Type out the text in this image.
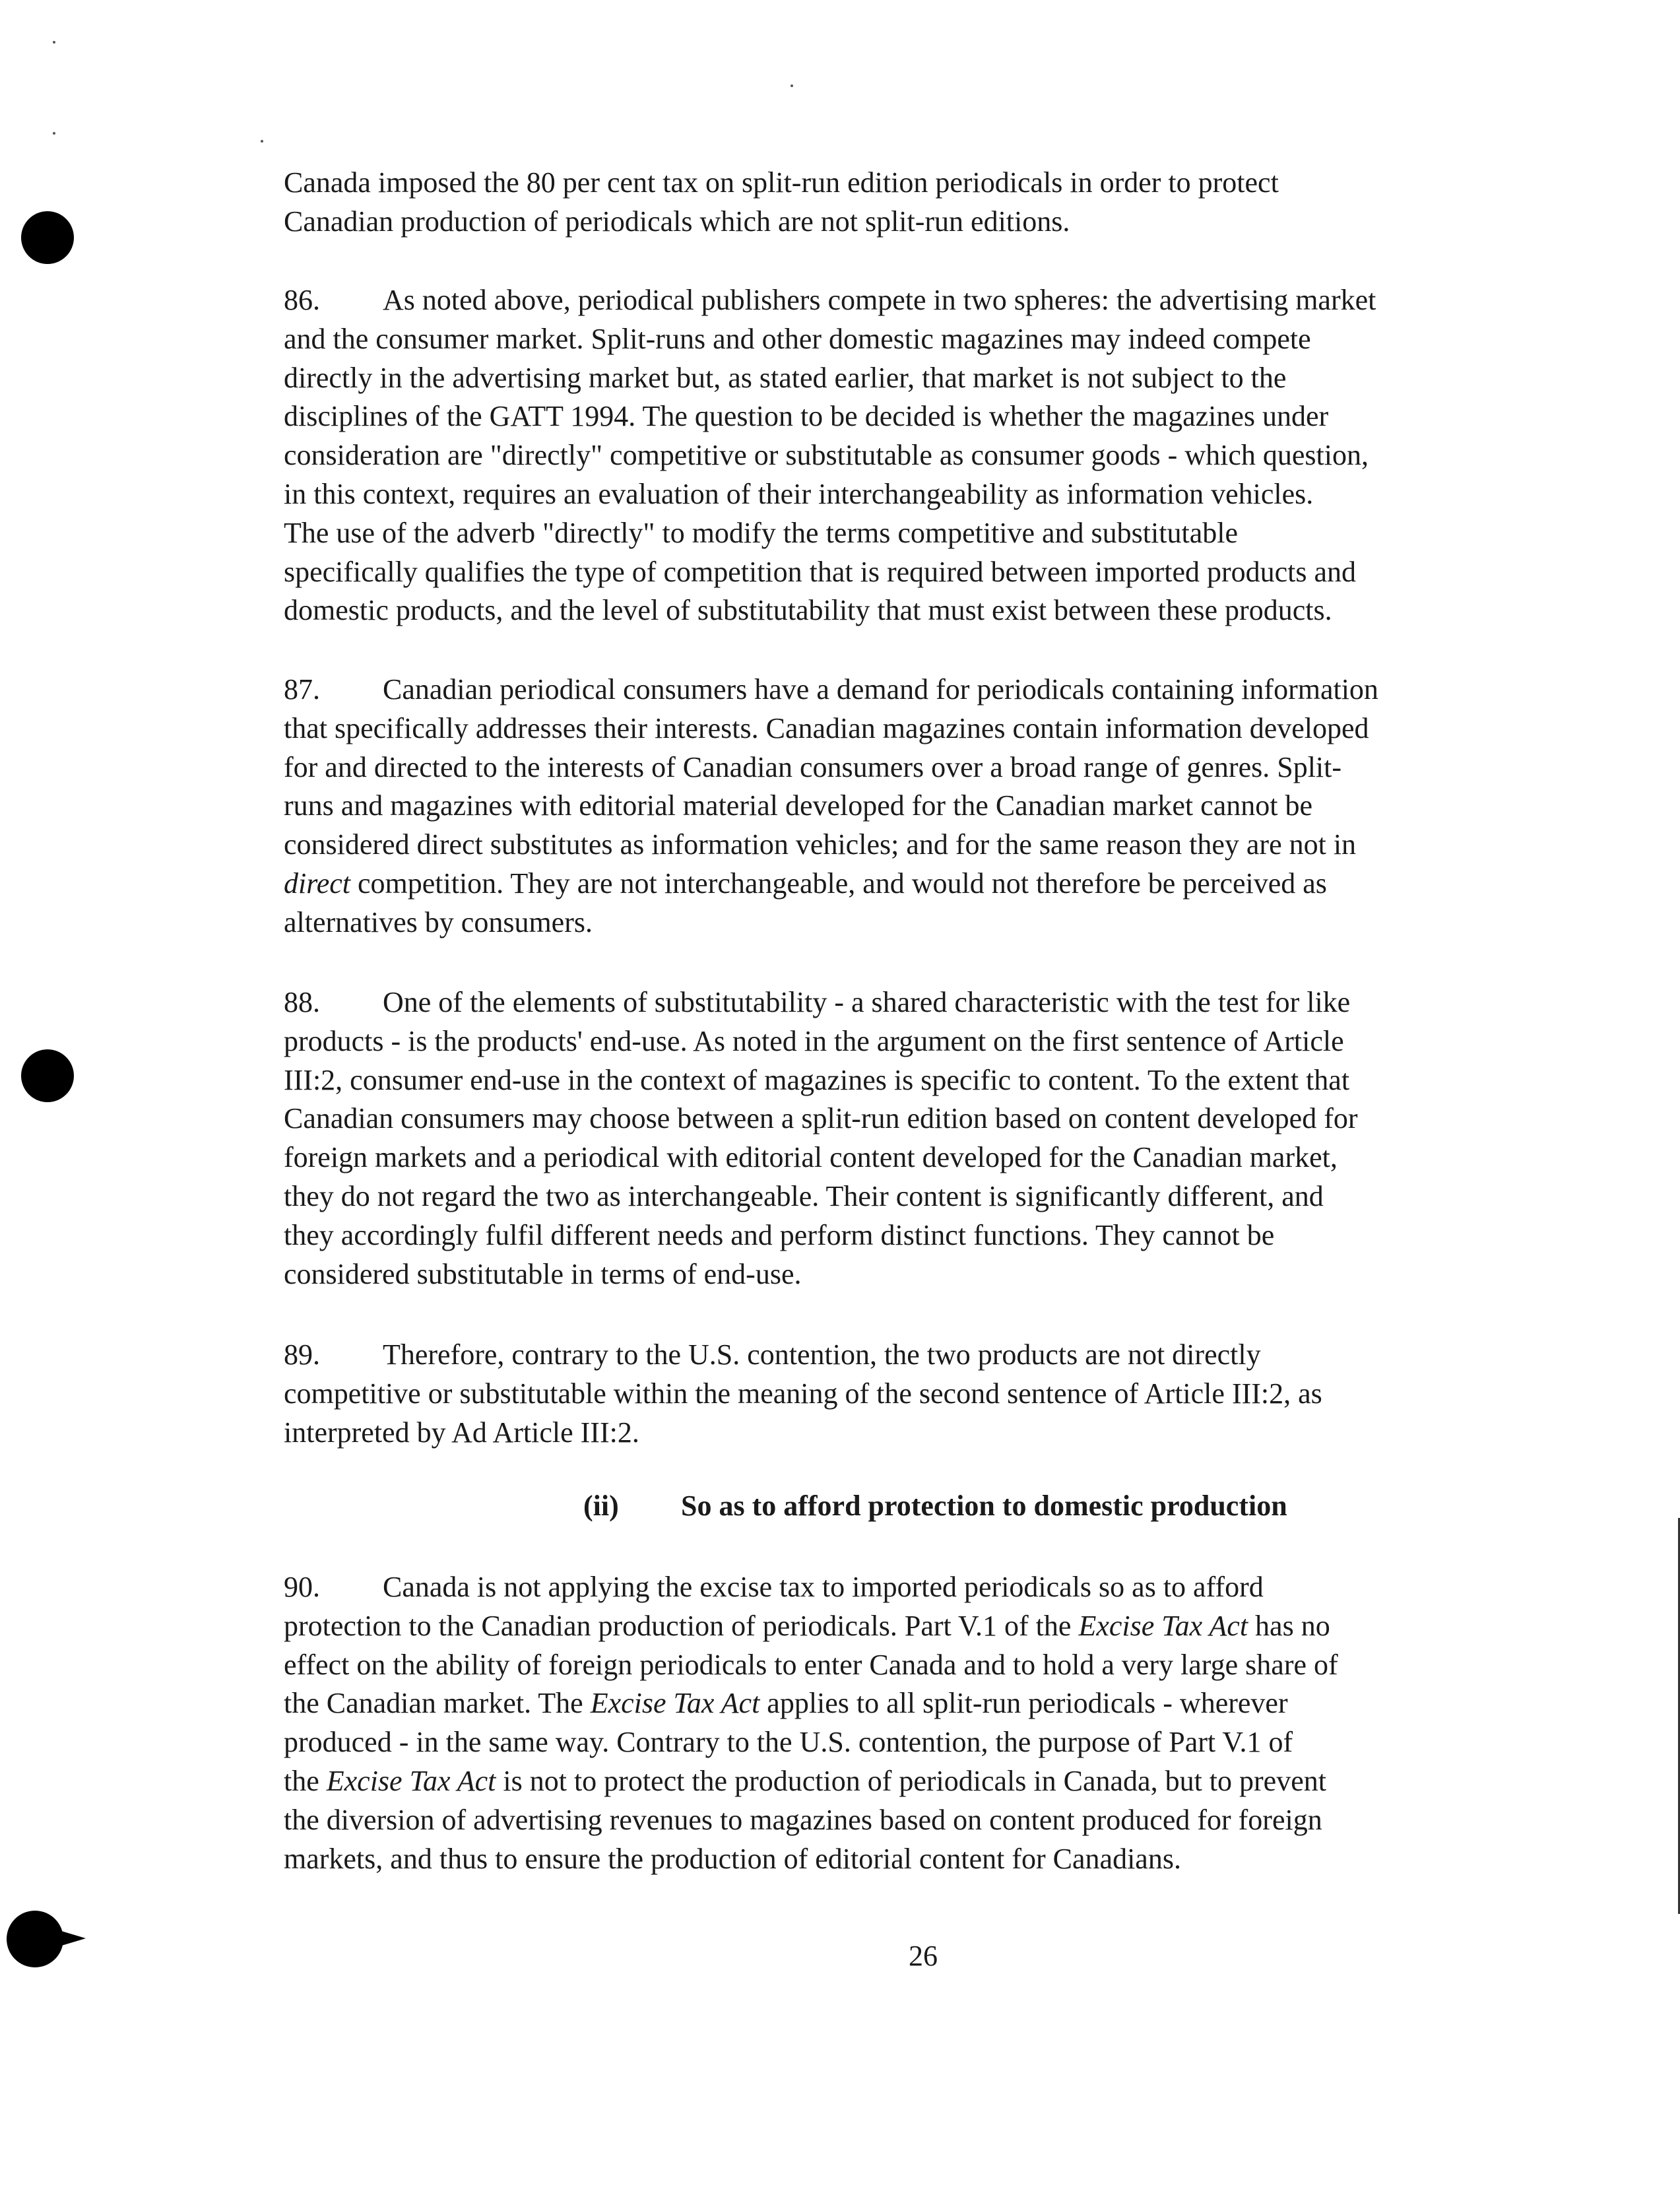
Canada imposed the 80 per cent tax on split-run edition periodicals in order to protect
Canadian production of periodicals which are not split-run editions.
86. As noted above, periodical publishers compete in two spheres: the advertising market
and the consumer market. Split-runs and other domestic magazines may indeed compete
directly in the advertising market but, as stated earlier, that market is not subject to the
disciplines of the GATT 1994. The question to be decided is whether the magazines under
consideration are "directly" competitive or substitutable as consumer goods - which question,
in this context, requires an evaluation of their interchangeability as information vehicles.
The use of the adverb "directly" to modify the terms competitive and substitutable
specifically qualifies the type of competition that is required between imported products and
domestic products, and the level of substitutability that must exist between these products.
87. Canadian periodical consumers have a demand for periodicals containing information
that specifically addresses their interests. Canadian magazines contain information developed
for and directed to the interests of Canadian consumers over a broad range of genres. Split-
runs and magazines with editorial material developed for the Canadian market cannot be
considered direct substitutes as information vehicles; and for the same reason they are not in
direct competition. They are not interchangeable, and would not therefore be perceived as
alternatives by consumers.
88. One of the elements of substitutability - a shared characteristic with the test for like
products - is the products' end-use. As noted in the argument on the first sentence of Article
III:2, consumer end-use in the context of magazines is specific to content. To the extent that
Canadian consumers may choose between a split-run edition based on content developed for
foreign markets and a periodical with editorial content developed for the Canadian market,
they do not regard the two as interchangeable. Their content is significantly different, and
they accordingly fulfil different needs and perform distinct functions. They cannot be
considered substitutable in terms of end-use.
89. Therefore, contrary to the U.S. contention, the two products are not directly
competitive or substitutable within the meaning of the second sentence of Article III:2, as
interpreted by Ad Article III:2.
(ii) So as to afford protection to domestic production
90. Canada is not applying the excise tax to imported periodicals so as to afford
protection to the Canadian production of periodicals. Part V.1 of the Excise Tax Act has no
effect on the ability of foreign periodicals to enter Canada and to hold a very large share of
the Canadian market. The Excise Tax Act applies to all split-run periodicals - wherever
produced - in the same way. Contrary to the U.S. contention, the purpose of Part V.1 of
the Excise Tax Act is not to protect the production of periodicals in Canada, but to prevent
the diversion of advertising revenues to magazines based on content produced for foreign
markets, and thus to ensure the production of editorial content for Canadians.
26
